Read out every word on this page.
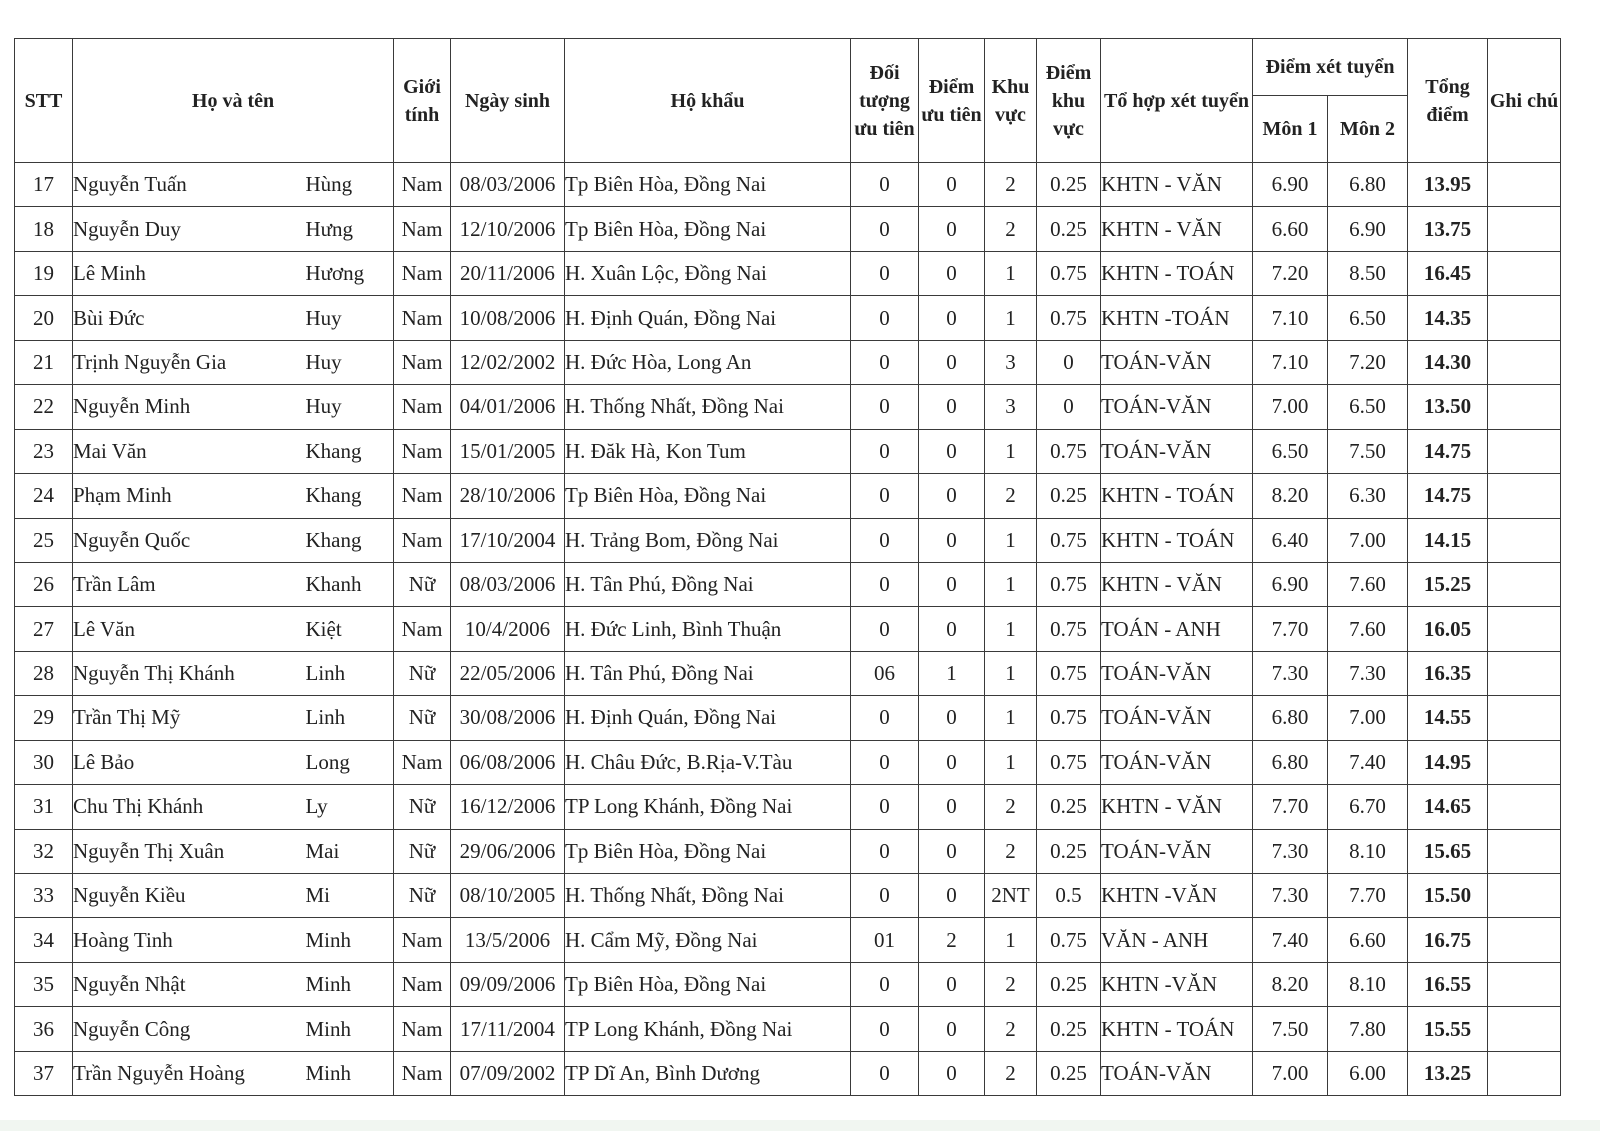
STT	Họ và tên		Giới tính	Ngày sinh	Hộ khẩu	Đối tượng ưu tiên	Điểm ưu tiên	Khu vực	Điểm khu vực	Tổ hợp xét tuyển	Điểm xét tuyển		Tổng điểm	Ghi chú
											Môn 1	Môn 2		
17	Nguyễn Tuấn	Hùng	Nam	08/03/2006	Tp Biên Hòa, Đồng Nai	0	0	2	0.25	KHTN - VĂN	6.90	6.80	13.95	
18	Nguyễn Duy	Hưng	Nam	12/10/2006	Tp Biên Hòa, Đồng Nai	0	0	2	0.25	KHTN - VĂN	6.60	6.90	13.75	
19	Lê Minh	Hương	Nam	20/11/2006	H. Xuân Lộc, Đồng Nai	0	0	1	0.75	KHTN - TOÁN	7.20	8.50	16.45	
20	Bùi Đức	Huy	Nam	10/08/2006	H. Định Quán, Đồng Nai	0	0	1	0.75	KHTN -TOÁN	7.10	6.50	14.35	
21	Trịnh Nguyễn Gia	Huy	Nam	12/02/2002	H. Đức Hòa, Long An	0	0	3	0	TOÁN-VĂN	7.10	7.20	14.30	
22	Nguyễn Minh	Huy	Nam	04/01/2006	H. Thống Nhất, Đồng Nai	0	0	3	0	TOÁN-VĂN	7.00	6.50	13.50	
23	Mai Văn	Khang	Nam	15/01/2005	H. Đăk Hà, Kon Tum	0	0	1	0.75	TOÁN-VĂN	6.50	7.50	14.75	
24	Phạm Minh	Khang	Nam	28/10/2006	Tp Biên Hòa, Đồng Nai	0	0	2	0.25	KHTN - TOÁN	8.20	6.30	14.75	
25	Nguyễn Quốc	Khang	Nam	17/10/2004	H. Trảng Bom, Đồng Nai	0	0	1	0.75	KHTN - TOÁN	6.40	7.00	14.15	
26	Trần Lâm	Khanh	Nữ	08/03/2006	H. Tân Phú, Đồng Nai	0	0	1	0.75	KHTN - VĂN	6.90	7.60	15.25	
27	Lê Văn	Kiệt	Nam	10/4/2006	H. Đức Linh, Bình Thuận	0	0	1	0.75	TOÁN - ANH	7.70	7.60	16.05	
28	Nguyễn Thị Khánh	Linh	Nữ	22/05/2006	H. Tân Phú, Đồng Nai	06	1	1	0.75	TOÁN-VĂN	7.30	7.30	16.35	
29	Trần Thị Mỹ	Linh	Nữ	30/08/2006	H. Định Quán, Đồng Nai	0	0	1	0.75	TOÁN-VĂN	6.80	7.00	14.55	
30	Lê Bảo	Long	Nam	06/08/2006	H. Châu Đức, B.Rịa-V.Tàu	0	0	1	0.75	TOÁN-VĂN	6.80	7.40	14.95	
31	Chu Thị Khánh	Ly	Nữ	16/12/2006	TP Long Khánh, Đồng Nai	0	0	2	0.25	KHTN - VĂN	7.70	6.70	14.65	
32	Nguyễn Thị Xuân	Mai	Nữ	29/06/2006	Tp Biên Hòa, Đồng Nai	0	0	2	0.25	TOÁN-VĂN	7.30	8.10	15.65	
33	Nguyễn Kiều	Mi	Nữ	08/10/2005	H. Thống Nhất, Đồng Nai	0	0	2NT	0.5	KHTN -VĂN	7.30	7.70	15.50	
34	Hoàng Tinh	Minh	Nam	13/5/2006	H. Cẩm Mỹ, Đồng Nai	01	2	1	0.75	VĂN - ANH	7.40	6.60	16.75	
35	Nguyễn Nhật	Minh	Nam	09/09/2006	Tp Biên Hòa, Đồng Nai	0	0	2	0.25	KHTN -VĂN	8.20	8.10	16.55	
36	Nguyễn Công	Minh	Nam	17/11/2004	TP Long Khánh, Đồng Nai	0	0	2	0.25	KHTN - TOÁN	7.50	7.80	15.55	
37	Trần Nguyễn Hoàng	Minh	Nam	07/09/2002	TP Dĩ An, Bình Dương	0	0	2	0.25	TOÁN-VĂN	7.00	6.00	13.25	
